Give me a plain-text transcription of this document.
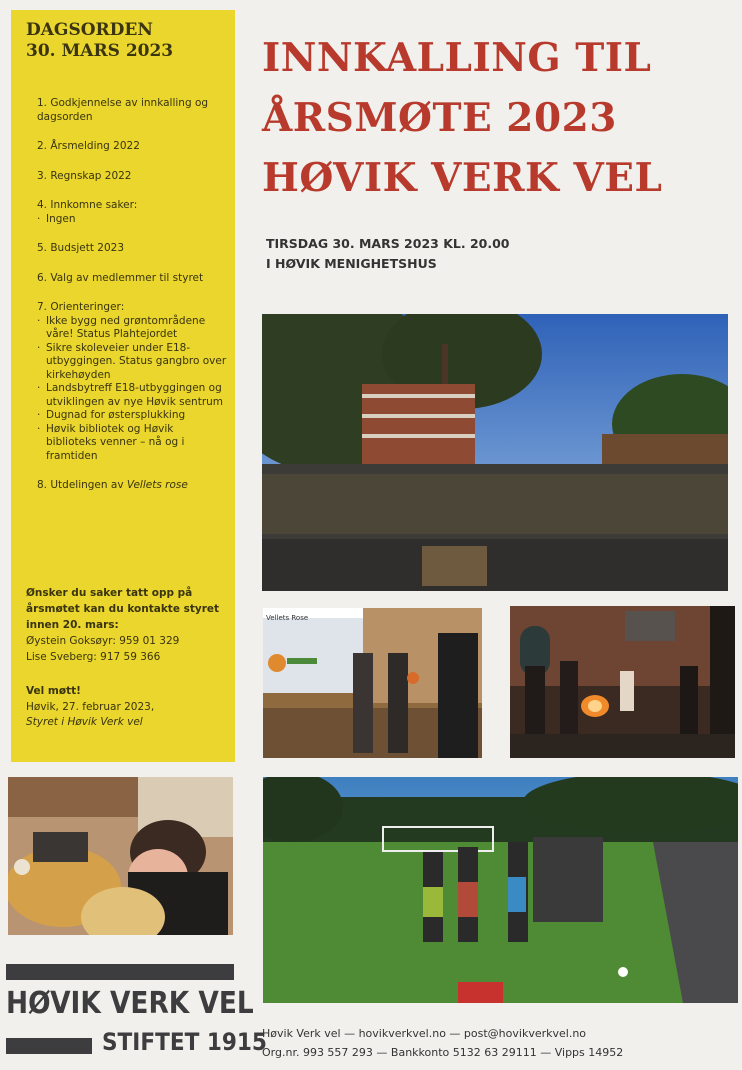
DAGSORDEN
30. MARS 2023
1. Godkjennelse av innkalling og dagsorden
2. Årsmelding 2022
3. Regnskap 2022
4. Innkomne saker:
· Ingen
5. Budsjett 2023
6. Valg av medlemmer til styret
7. Orienteringer:
· Ikke bygg ned grøntområdene våre! Status Plahtejordet
· Sikre skoleveier under E18-utbyggingen. Status gangbro over kirkehøyden
· Landsbytreff E18-utbyggingen og utviklingen av nye Høvik sentrum
· Dugnad for østersplukking
· Høvik bibliotek og Høvik biblioteks venner – nå og i framtiden
8. Utdelingen av Vellets rose
Ønsker du saker tatt opp på årsmøtet kan du kontakte styret innen 20. mars:
Øystein Goksøyr: 959 01 329
Lise Sveberg: 917 59 366
Vel møtt!
Høvik, 27. februar 2023,
Styret i Høvik Verk vel
INNKALLING TIL
ÅRSMØTE 2023
HØVIK VERK VEL
TIRSDAG 30. MARS 2023 KL. 20.00
I HØVIK MENIGHETSHUS
Vellets Rose
HØVIK VERK VEL
STIFTET 1915
Høvik Verk vel — hovikverkvel.no — post@hovikverkvel.no
Org.nr. 993 557 293 — Bankkonto 5132 63 29111 — Vipps 14952
